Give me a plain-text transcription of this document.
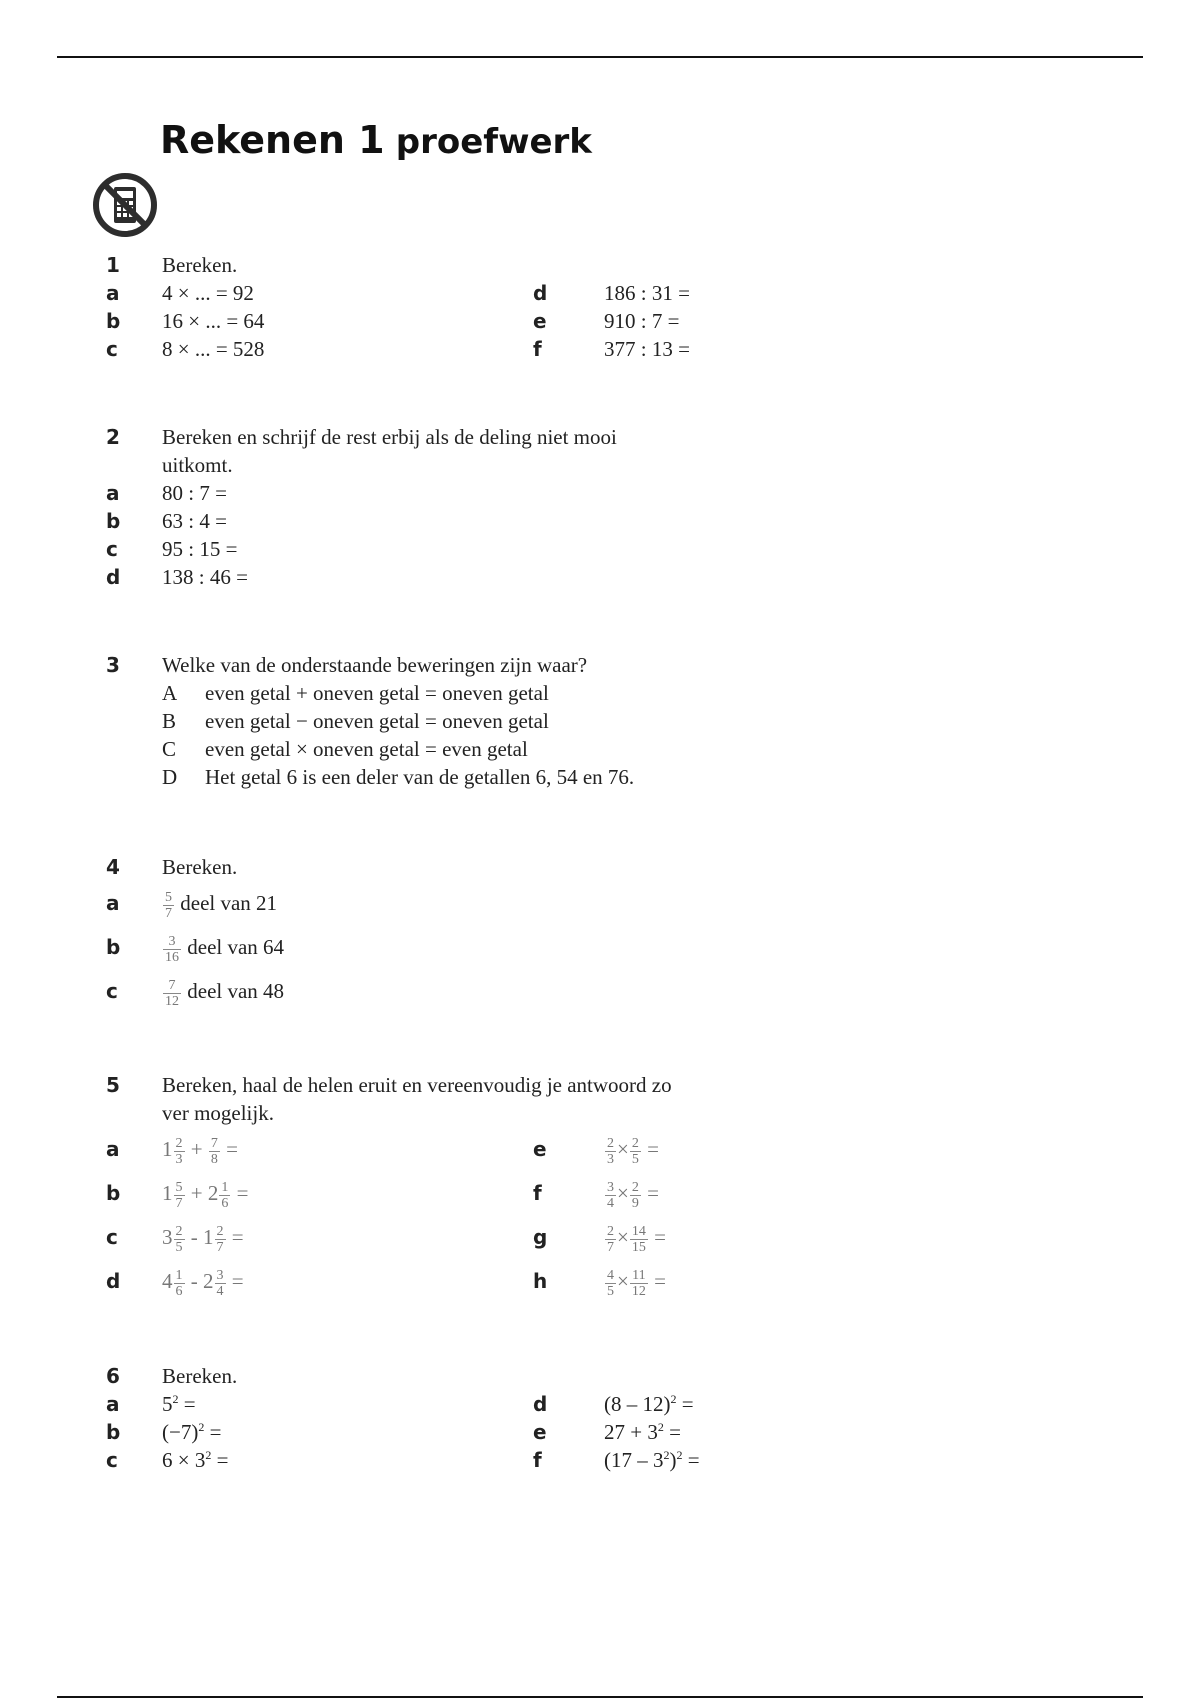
Rekenen 1 proefwerk
1 Bereken.
a 4 × ... = 92	d	186 : 31 =
b 16 × ... = 64	e	910 : 7 =
c 8 × ... = 528	f	377 : 13 =
2 Bereken en schrijf de rest erbij als de deling niet mooi
uitkomt.
a 80 : 7 =
b 63 : 4 =
c 95 : 15 =
d 138 : 46 =
3 Welke van de onderstaande beweringen zijn waar?
A even getal + oneven getal = oneven getal
B even getal − oneven getal = oneven getal
C even getal × oneven getal = even getal
D Het getal 6 is een deler van de getallen 6, 54 en 76.
4 Bereken.
a	$\frac{5}{7}$ deel van 21
b	$\frac{3}{16}$ deel van 64
c	$\frac{7}{12}$ deel van 48
5 Bereken, haal de helen eruit en vereenvoudig je antwoord zo
ver mogelijk.
a $1 \frac{2}{3} + \frac{7}{8}$ =	e	$\frac{2}{3} \times \frac{2}{5}$ =
b $1 \frac{5}{7} + 2 \frac{1}{6}$ =	f	$\frac{3}{4} \times \frac{2}{9}$ =
c $3 \frac{2}{5} - 1 \frac{2}{7}$ =	g	$\frac{2}{7} \times \frac{14}{15}$ =
d $4 \frac{1}{6} - 2 \frac{3}{4}$ =	h	$\frac{4}{5} \times \frac{11}{12}$ =
6 Bereken.
a $5^2$ =	d	(8 – 12)$^2$ =
b $(-7)^2$ =	e	$27 + 3^2$ =
c $6 \times 3^2$ =	f	$(17 - 3^2)^2$ =
